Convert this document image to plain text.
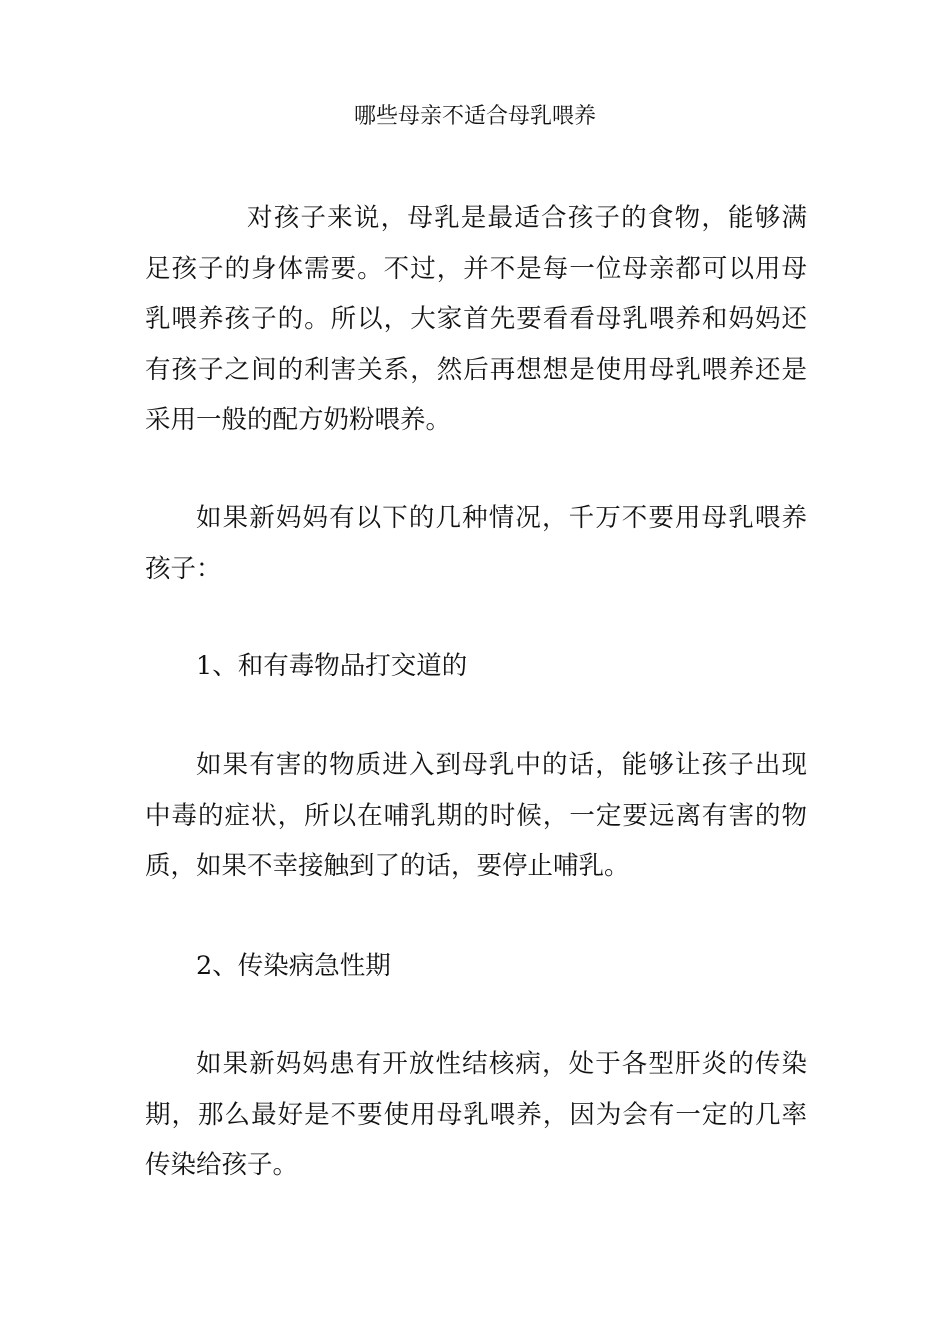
哪些母亲不适合母乳喂养

对孩子来说，母乳是最适合孩子的食物，能够满足孩子的身体需要。不过，并不是每一位母亲都可以用母乳喂养孩子的。所以，大家首先要看看母乳喂养和妈妈还有孩子之间的利害关系，然后再想想是使用母乳喂养还是采用一般的配方奶粉喂养。

如果新妈妈有以下的几种情况，千万不要用母乳喂养孩子：

1、和有毒物品打交道的

如果有害的物质进入到母乳中的话，能够让孩子出现中毒的症状，所以在哺乳期的时候，一定要远离有害的物质，如果不幸接触到了的话，要停止哺乳。

2、传染病急性期

如果新妈妈患有开放性结核病，处于各型肝炎的传染期，那么最好是不要使用母乳喂养，因为会有一定的几率传染给孩子。
